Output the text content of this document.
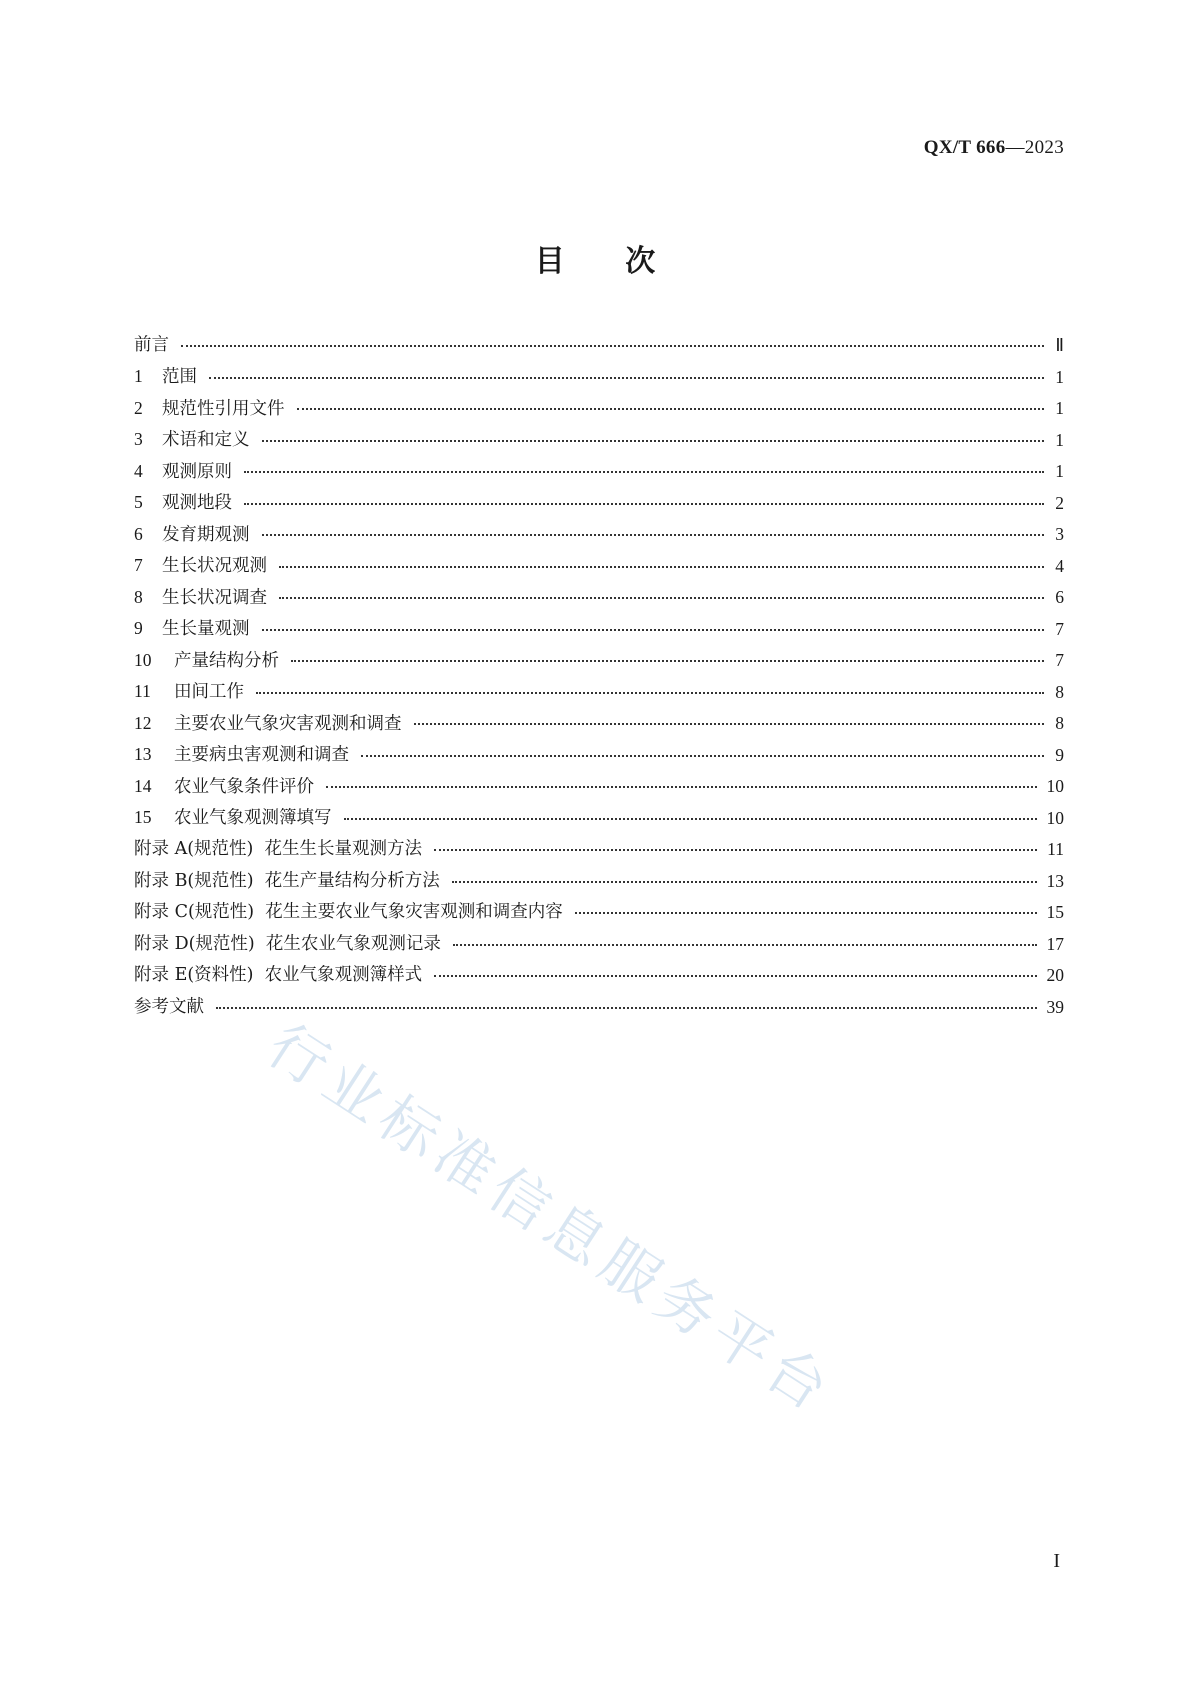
QX/T 666—2023
目 次
前言	Ⅱ
1 范围	1
2 规范性引用文件	1
3 术语和定义	1
4 观测原则	1
5 观测地段	2
6 发育期观测	3
7 生长状况观测	4
8 生长状况调查	6
9 生长量观测	7
10 产量结构分析	7
11 田间工作	8
12 主要农业气象灾害观测和调查	8
13 主要病虫害观测和调查	9
14 农业气象条件评价	10
15 农业气象观测簿填写	10
附录 A(规范性)  花生生长量观测方法	11
附录 B(规范性)  花生产量结构分析方法	13
附录 C(规范性)  花生主要农业气象灾害观测和调查内容	15
附录 D(规范性)  花生农业气象观测记录	17
附录 E(资料性)  农业气象观测簿样式	20
参考文献	39
I
行业标准信息服务平台
